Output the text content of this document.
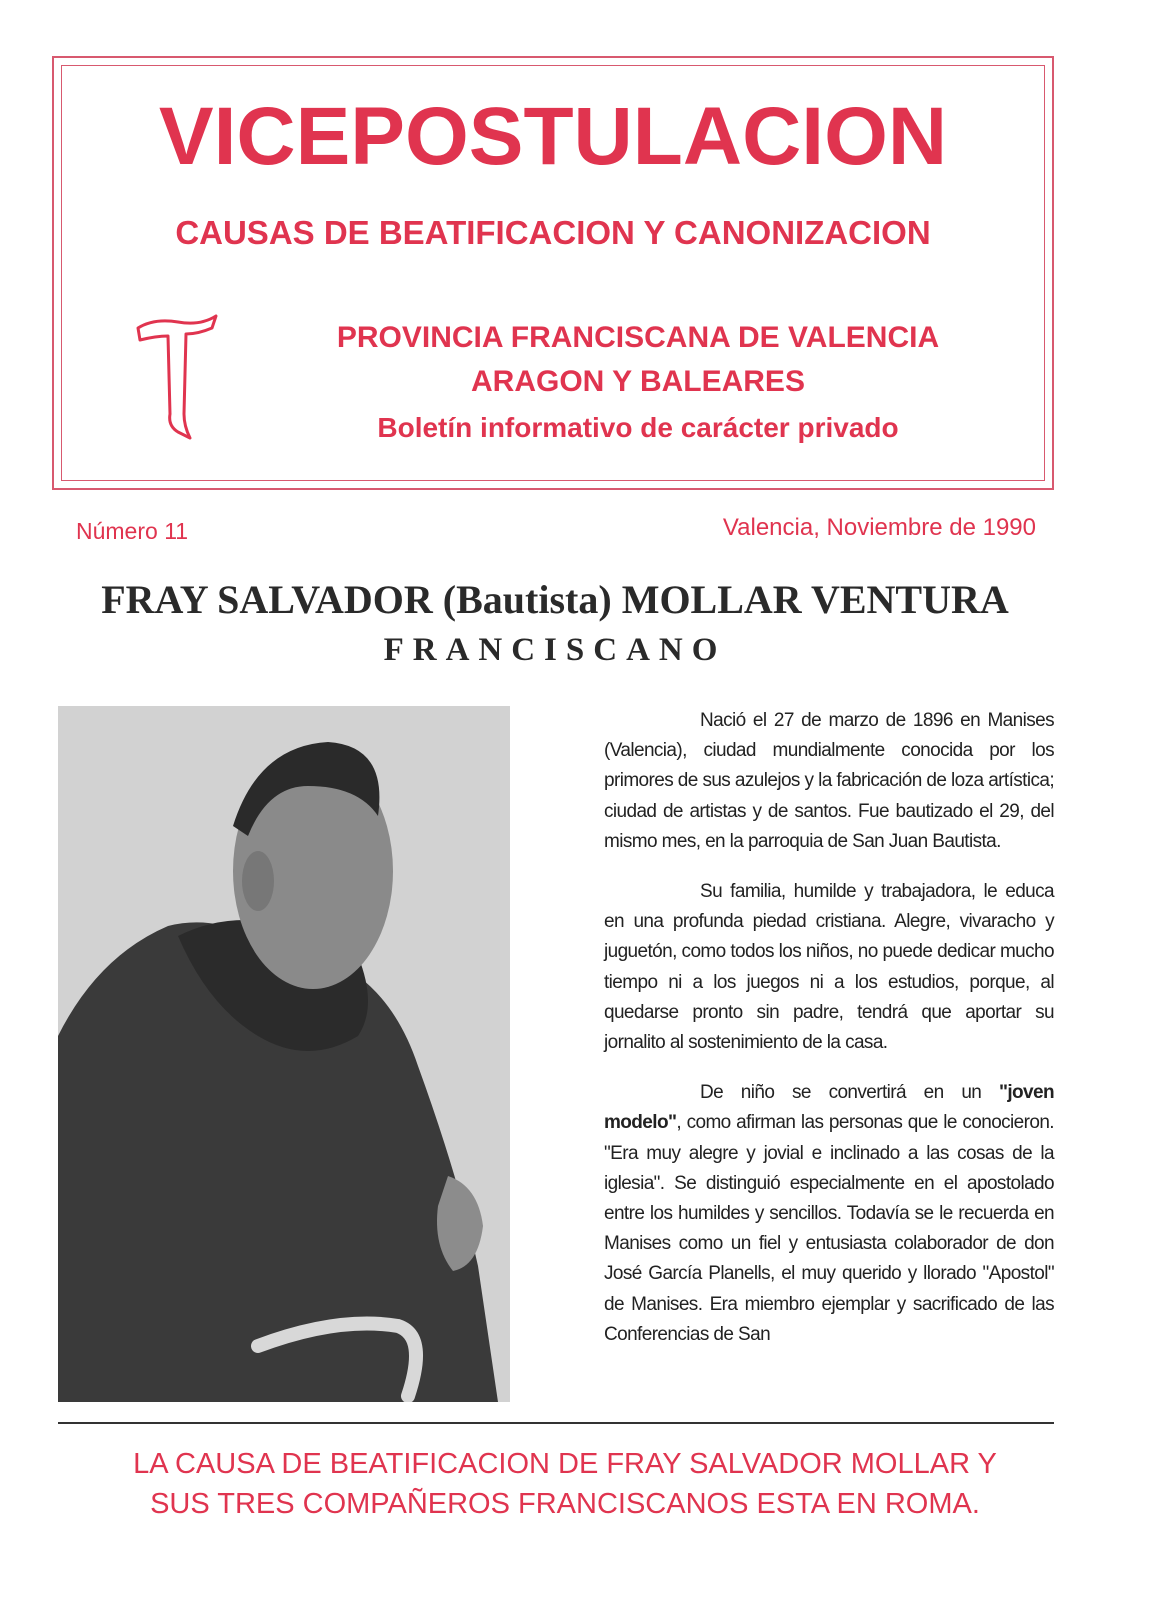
VICEPOSTULACION
CAUSAS DE BEATIFICACION Y CANONIZACION
PROVINCIA FRANCISCANA DE VALENCIA
ARAGON Y BALEARES
Boletín informativo de carácter privado
Número 11	Valencia, Noviembre de 1990
FRAY SALVADOR (Bautista) MOLLAR VENTURA
FRANCISCANO

Nació el 27 de marzo de 1896 en Manises (Valencia), ciudad mundialmente conocida por los primores de sus azulejos y la fabricación de loza artística; ciudad de artistas y de santos. Fue bautizado el 29, del mismo mes, en la parroquia de San Juan Bautista.

Su familia, humilde y trabajadora, le educa en una profunda piedad cristiana. Alegre, vivaracho y juguetón, como todos los niños, no puede dedicar mucho tiempo ni a los juegos ni a los estudios, porque, al quedarse pronto sin padre, tendrá que aportar su jornalito al sostenimiento de la casa.

De niño se convertirá en un "joven modelo", como afirman las personas que le conocieron. "Era muy alegre y jovial e inclinado a las cosas de la iglesia". Se distinguió especialmente en el apostolado entre los humildes y sencillos. Todavía se le recuerda en Manises como un fiel y entusiasta colaborador de don José García Planells, el muy querido y llorado "Apostol" de Manises. Era miembro ejemplar y sacrificado de las Conferencias de San

LA CAUSA DE BEATIFICACION DE FRAY SALVADOR MOLLAR Y
SUS TRES COMPAÑEROS FRANCISCANOS ESTA EN ROMA.
